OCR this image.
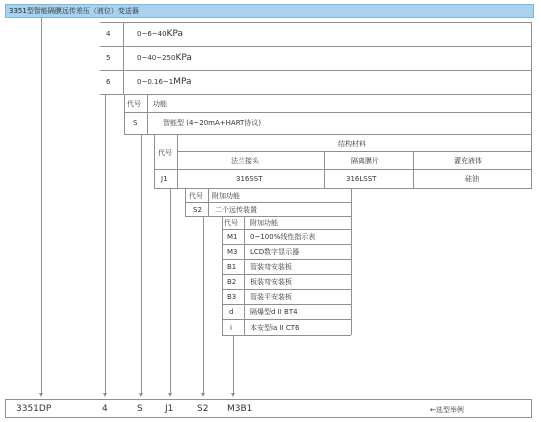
3351型智能隔膜远传差压（液位）变送器
4	0~6~40KPa
5	0~40~250KPa
6	0~0.16~1MPa
代号 功能
S	智能型 (4~20mA+HART协议)
代号
结构材料
法兰接头	隔离膜片	灌充液体
J1	316SST	316LSST	硅油
代号 附加功能
S2 二个远传装置
代号 附加功能
M1 0~100%线性指示表
M3 LCD数字显示器
B1 管装弯安装板
B2 板装弯安装板
B3 管装平安装板
d 隔爆型d II BT4
i	本安型ia II CT6
3351DP	4	S J1	S2 M3B1	←选型举例
